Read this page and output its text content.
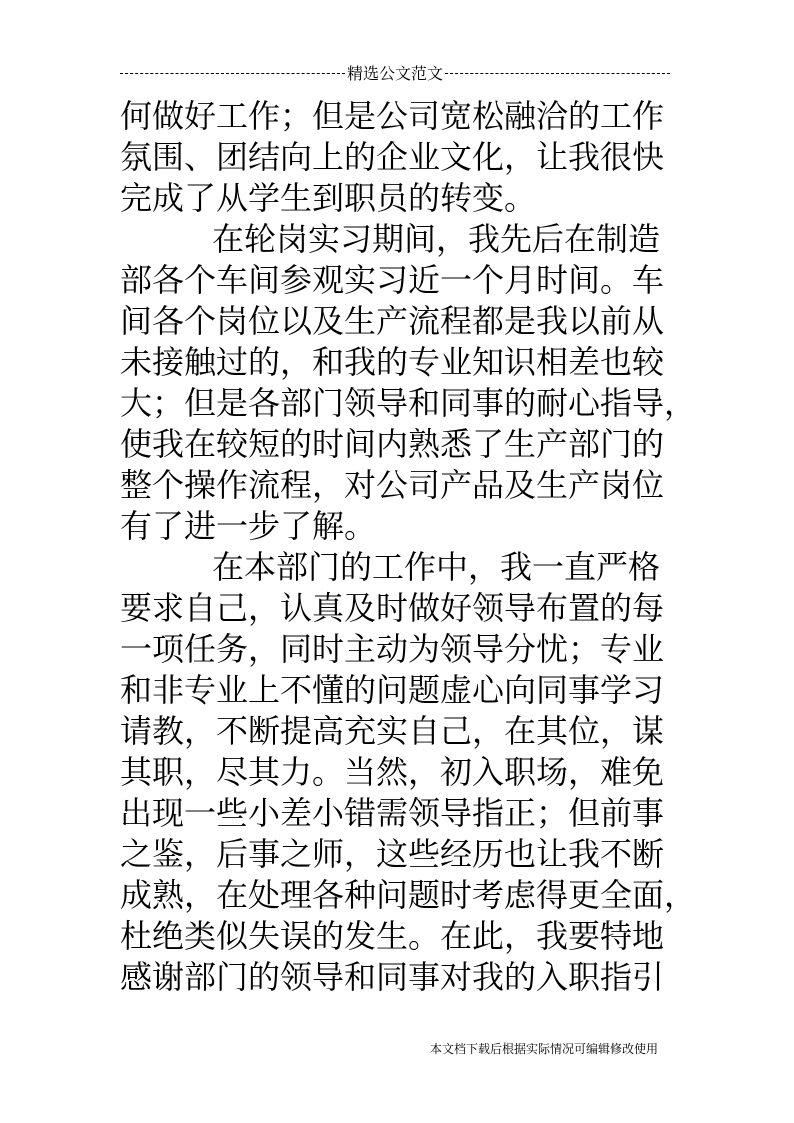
精选公文范文
何做好工作；但是公司宽松融洽的工作
氛围、团结向上的企业文化，让我很快
完成了从学生到职员的转变。
在轮岗实习期间，我先后在制造
部各个车间参观实习近一个月时间。车
间各个岗位以及生产流程都是我以前从
未接触过的，和我的专业知识相差也较
大；但是各部门领导和同事的耐心指导，
使我在较短的时间内熟悉了生产部门的
整个操作流程，对公司产品及生产岗位
有了进一步了解。
在本部门的工作中，我一直严格
要求自己，认真及时做好领导布置的每
一项任务，同时主动为领导分忧；专业
和非专业上不懂的问题虚心向同事学习
请教，不断提高充实自己，在其位，谋
其职，尽其力。当然，初入职场，难免
出现一些小差小错需领导指正；但前事
之鉴，后事之师，这些经历也让我不断
成熟，在处理各种问题时考虑得更全面，
杜绝类似失误的发生。在此，我要特地
感谢部门的领导和同事对我的入职指引
本文档下载后根据实际情况可编辑修改使用
